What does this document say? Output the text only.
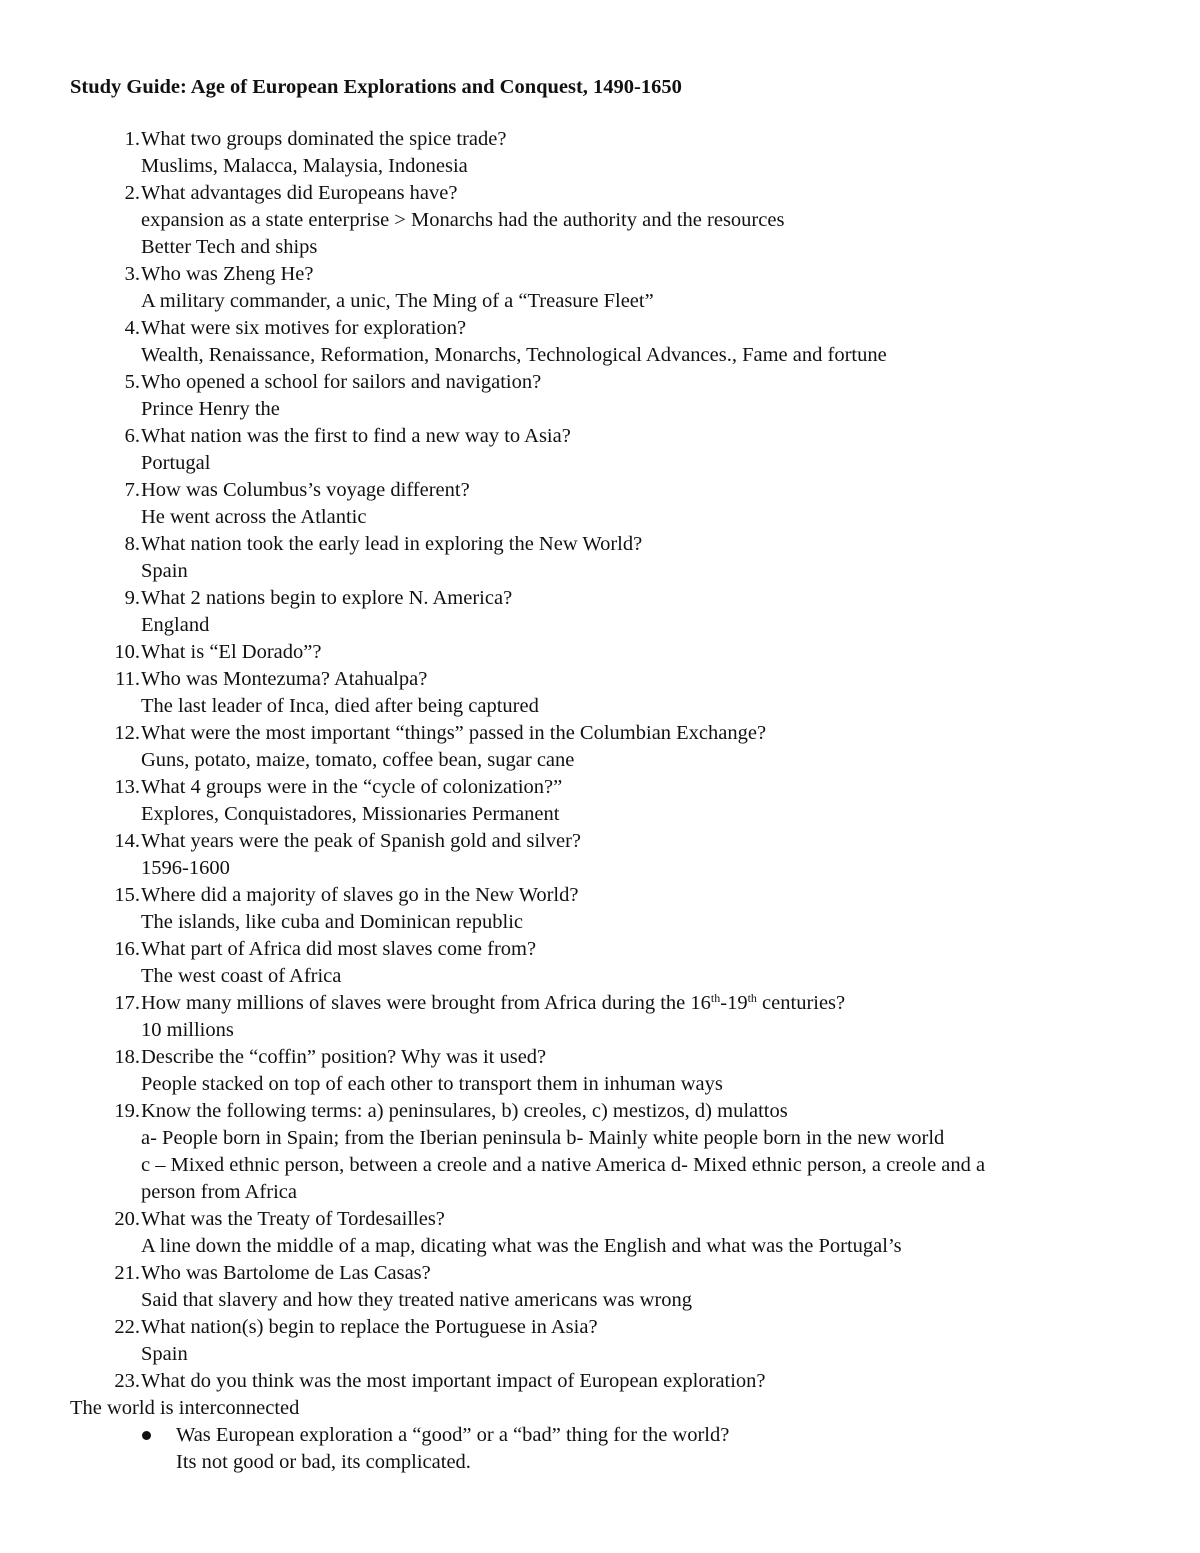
Study Guide: Age of European Explorations and Conquest, 1490-1650
1. What two groups dominated the spice trade?
Muslims, Malacca, Malaysia, Indonesia
2. What advantages did Europeans have?
expansion as a state enterprise > Monarchs had the authority and the resources
Better Tech and ships
3. Who was Zheng He?
A military commander, a unic, The Ming of a “Treasure Fleet”
4. What were six motives for exploration?
Wealth, Renaissance, Reformation, Monarchs, Technological Advances., Fame and fortune
5. Who opened a school for sailors and navigation?
Prince Henry the
6. What nation was the first to find a new way to Asia?
Portugal
7. How was Columbus’s voyage different?
He went across the Atlantic
8. What nation took the early lead in exploring the New World?
Spain
9. What 2 nations begin to explore N. America?
England
10. What is “El Dorado”?
11. Who was Montezuma? Atahualpa?
The last leader of Inca, died after being captured
12. What were the most important “things” passed in the Columbian Exchange?
Guns, potato, maize, tomato, coffee bean, sugar cane
13. What 4 groups were in the “cycle of colonization?”
Explores, Conquistadores, Missionaries Permanent
14. What years were the peak of Spanish gold and silver?
1596-1600
15. Where did a majority of slaves go in the New World?
The islands, like cuba and Dominican republic
16. What part of Africa did most slaves come from?
The west coast of Africa
17. How many millions of slaves were brought from Africa during the 16th-19th centuries?
10 millions
18. Describe the “coffin” position? Why was it used?
People stacked on top of each other to transport them in inhuman ways
19. Know the following terms: a) peninsulares, b) creoles, c) mestizos, d) mulattos
a- People born in Spain; from the Iberian peninsula b- Mainly white people born in the new world
c – Mixed ethnic person, between a creole and a native America d- Mixed ethnic person, a creole and a
person from Africa
20. What was the Treaty of Tordesailles?
A line down the middle of a map, dicating what was the English and what was the Portugal’s
21. Who was Bartolome de Las Casas?
Said that slavery and how they treated native americans was wrong
22. What nation(s) begin to replace the Portuguese in Asia?
Spain
23. What do you think was the most important impact of European exploration?
The world is interconnected
Was European exploration a “good” or a “bad” thing for the world?
Its not good or bad, its complicated.
